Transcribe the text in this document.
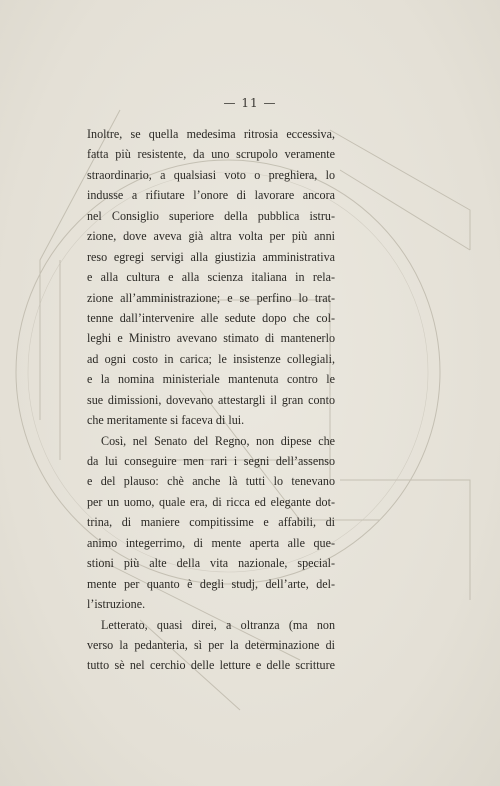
— 11 —
Inoltre, se quella medesima ritrosia eccessiva,
fatta più resistente, da uno scrupolo veramente
straordinario, a qualsiasi voto o preghiera, lo
indusse a rifiutare l’onore di lavorare ancora
nel Consiglio superiore della pubblica istru-
zione, dove aveva già altra volta per più anni
reso egregi servigi alla giustizia amministrativa
e alla cultura e alla scienza italiana in rela-
zione all’amministrazione; e se perfino lo trat-
tenne dall’intervenire alle sedute dopo che col-
leghi e Ministro avevano stimato di mantenerlo
ad ogni costo in carica; le insistenze collegiali,
e la nomina ministeriale mantenuta contro le
sue dimissioni, dovevano attestargli il gran conto
che meritamente si faceva di lui.
Così, nel Senato del Regno, non dipese che
da lui conseguire men rari i segni dell’assenso
e del plauso: chè anche là tutti lo tenevano
per un uomo, quale era, di ricca ed elegante dot-
trina, di maniere compitissime e affabili, di
animo integerrimo, di mente aperta alle que-
stioni più alte della vita nazionale, special-
mente per quanto è degli studj, dell’arte, del-
l’istruzione.
Letterato, quasi direi, a oltranza (ma non
verso la pedanteria, sì per la determinazione di
tutto sè nel cerchio delle letture e delle scritture
